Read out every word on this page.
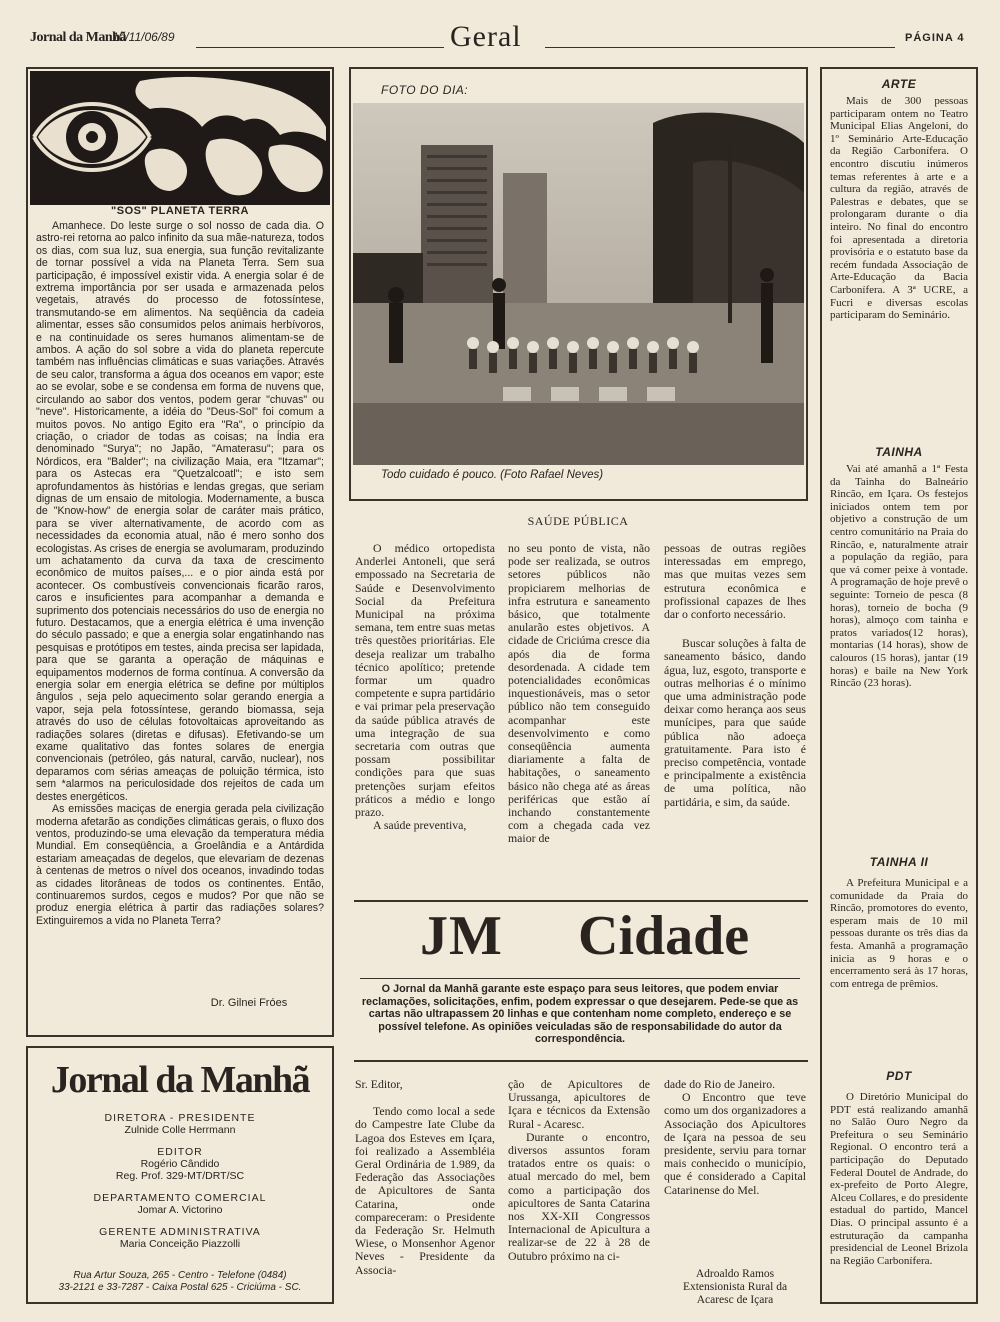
Jornal da Manhã
10/11/06/89	Geral	PÁGINA 4
"SOS" PLANETA TERRA

Amanhece. Do leste surge o sol nosso de cada dia. O astro-rei retorna ao palco infinito da sua mãe-natureza, todos os dias, com sua luz, sua energia, sua função revitalizante de tornar possível a vida na Planeta Terra. Sem sua participação, é impossível existir vida. A energia solar é de extrema importância por ser usada e armazenada pelos vegetais, através do processo de fotossíntese, transmutando-se em alimentos. Na seqüência da cadeia alimentar, esses são consumidos pelos animais herbívoros, e na continuidade os seres humanos alimentam-se de ambos. A ação do sol sobre a vida do planeta repercute também nas influências climáticas e suas variações. Através de seu calor, transforma a água dos oceanos em vapor; este ao se evolar, sobe e se condensa em forma de nuvens que, circulando ao sabor dos ventos, podem gerar "chuvas" ou "neve". Historicamente, a idéia do "Deus-Sol" foi comum a muitos povos. No antigo Egito era "Ra", o princípio da criação, o criador de todas as coisas; na Índia era denominado "Surya"; no Japão, "Amaterasu"; para os Nórdicos, era "Balder"; na civilização Maia, era "Itzamar"; para os Astecas era "Quetzalcoatl"; e isto sem aprofundamentos às histórias e lendas gregas, que seriam dignas de um ensaio de mitologia. Modernamente, a busca de "Know-how" de energia solar de caráter mais prático, para se viver alternativamente, de acordo com as necessidades da economia atual, não é mero sonho dos ecologistas. As crises de energia se avolumaram, produzindo um achatamento da curva da taxa de crescimento econômico de muitos países,... e o pior ainda está por acontecer. Os combustíveis convencionais ficarão raros, caros e insuficientes para acompanhar a demanda e suprimento dos potenciais necessários do uso de energia no futuro. Destacamos, que a energia elétrica é uma invenção do século passado; e que a energia solar engatinhando nas pesquisas e protótipos em testes, ainda precisa ser lapidada, para que se garanta a operação de máquinas e equipamentos modernos de forma contínua. A conversão da energia solar em energia elétrica se define por múltiplos ângulos , seja pelo aquecimento solar gerando energia a vapor, seja pela fotossíntese, gerando biomassa, seja através do uso de células fotovoltaicas aproveitando as radiações solares (diretas e difusas). Efetivando-se um exame qualitativo das fontes solares de energia convencionais (petróleo, gás natural, carvão, nuclear), nos deparamos com sérias ameaças de poluição térmica, isto sem *alarmos na periculosidade dos rejeitos de cada um destes energéticos.

As emissões maciças de energia gerada pela civilização moderna afetarão as condições climáticas gerais, o fluxo dos ventos, produzindo-se uma elevação da temperatura média Mundial. Em conseqüência, a Groelândia e a Antárdida estariam ameaçadas de degelos, que elevariam de dezenas à centenas de metros o nível dos oceanos, invadindo todas as cidades litorâneas de todos os continentes. Então, continuaremos surdos, cegos e mudos? Por que não se produz energia elétrica à partir das radiações solares? Extinguiremos a vida no Planeta Terra?

Dr. Gilnei Fróes
Jornal da Manhã
DIRETORA - PRESIDENTE
Zulnide Colle Herrmann
EDITOR
Rogério Cândido
Reg. Prof. 329-MT/DRT/SC
DEPARTAMENTO COMERCIAL
Jomar A. Victorino
GERENTE ADMINISTRATIVA
Maria Conceição Piazzolli
Rua Artur Souza, 265 - Centro - Telefone (0484)
33-2121 e 33-7287 - Caixa Postal 625 - Criciúma - SC.
FOTO DO DIA:
Todo cuidado é pouco. (Foto Rafael Neves)
SAÚDE PÚBLICA

O médico ortopedista Anderlei Antoneli, que será empossado na Secretaria de Saúde e Desenvolvimento Social da Prefeitura Municipal na próxima semana, tem entre suas metas três questões prioritárias. Ele deseja realizar um trabalho técnico apolítico; pretende formar um quadro competente e supra partidário e vai primar pela preservação da saúde pública através de uma integração de sua secretaria com outras que possam possibilitar condições para que suas pretenções surjam efeitos práticos a médio e longo prazo.

A saúde preventiva,

no seu ponto de vista, não pode ser realizada, se outros setores públicos não propiciarem melhorias de infra estrutura e saneamento básico, que totalmente anularão estes objetivos. A cidade de Criciúma cresce dia após dia de forma desordenada. A cidade tem potencialidades econômicas inquestionáveis, mas o setor público não tem conseguido acompanhar este desenvolvimento e como conseqüência aumenta diariamente a falta de habitações, o saneamento básico não chega até as áreas periféricas que estão aí inchando constantemente com a chegada cada vez maior de

pessoas de outras regiões interessadas em emprego, mas que muitas vezes sem estrutura econômica e profissional capazes de lhes dar o conforto necessário.

Buscar soluções à falta de saneamento básico, dando água, luz, esgoto, transporte e outras melhorias é o mínimo que uma administração pode deixar como herança aos seus munícipes, para que saúde pública não adoeça gratuitamente. Para isto é preciso competência, vontade e principalmente a existência de uma política, não partidária, e sim, da saúde.

JM Cidade
O Jornal da Manhã garante este espaço para seus leitores, que podem enviar reclamações, solicitações, enfim, podem expressar o que desejarem. Pede-se que as cartas não ultrapassem 20 linhas e que contenham nome completo, endereço e se possível telefone. As opiniões veiculadas são de responsabilidade do autor da correspondência.

Sr. Editor,

Tendo como local a sede do Campestre Iate Clube da Lagoa dos Esteves em Içara, foi realizado a Assembléia Geral Ordinária de 1.989, da Federação das Associações de Apicultores de Santa Catarina, onde compareceram: o Presidente da Federação Sr. Helmuth Wiese, o Monsenhor Agenor Neves - Presidente da Associa-

ção de Apicultores de Urussanga, apicultores de Içara e técnicos da Extensão Rural - Acaresc.

Durante o encontro, diversos assuntos foram tratados entre os quais: o atual mercado do mel, bem como a participação dos apicultores de Santa Catarina nos XX-XII Congressos Internacional de Apicultura a realizar-se de 22 à 28 de Outubro próximo na ci-

dade do Rio de Janeiro.

O Encontro que teve como um dos organizadores a Associação dos Apicultores de Içara na pessoa de seu presidente, serviu para tornar mais conhecido o município, que é considerado a Capital Catarinense do Mel.

Adroaldo Ramos
Extensionista Rural da
Acaresc de Içara
ARTE

Mais de 300 pessoas participaram ontem no Teatro Municipal Elias Angeloni, do 1º Seminário Arte-Educação da Região Carbonífera. O encontro discutiu inúmeros temas referentes à arte e a cultura da região, através de Palestras e debates, que se prolongaram durante o dia inteiro. No final do encontro foi apresentada a diretoria provisória e o estatuto base da recém fundada Associação de Arte-Educação da Bacia Carbonífera. A 3ª UCRE, a Fucri e diversas escolas participaram do Seminário.

TAINHA

Vai até amanhã a 1ª Festa da Tainha do Balneário Rincão, em Içara. Os festejos iniciados ontem tem por objetivo a construção de um centro comunitário na Praia do Rincão, e, naturalmente atrair a população da região, para que vá comer peixe à vontade. A programação de hoje prevê o seguinte: Torneio de pesca (8 horas), torneio de bocha (9 horas), almoço com tainha e pratos variados(12 horas), montarias (14 horas), show de calouros (15 horas), jantar (19 horas) e baile na New York Rincão (23 horas).

TAINHA II

A Prefeitura Municipal e a comunidade da Praia do Rincão, promotores do evento, esperam mais de 10 mil pessoas durante os três dias da festa. Amanhã a programação inicia as 9 horas e o encerramento será às 17 horas, com entrega de prêmios.

PDT

O Diretório Municipal do PDT está realizando amanhã no Salão Ouro Negro da Prefeitura o seu Seminário Regional. O encontro terá a participação do Deputado Federal Doutel de Andrade, do ex-prefeito de Porto Alegre, Alceu Collares, e do presidente estadual do partido, Mancel Dias. O principal assunto é a estruturação da campanha presidencial de Leonel Brizola na Região Carbonífera.
